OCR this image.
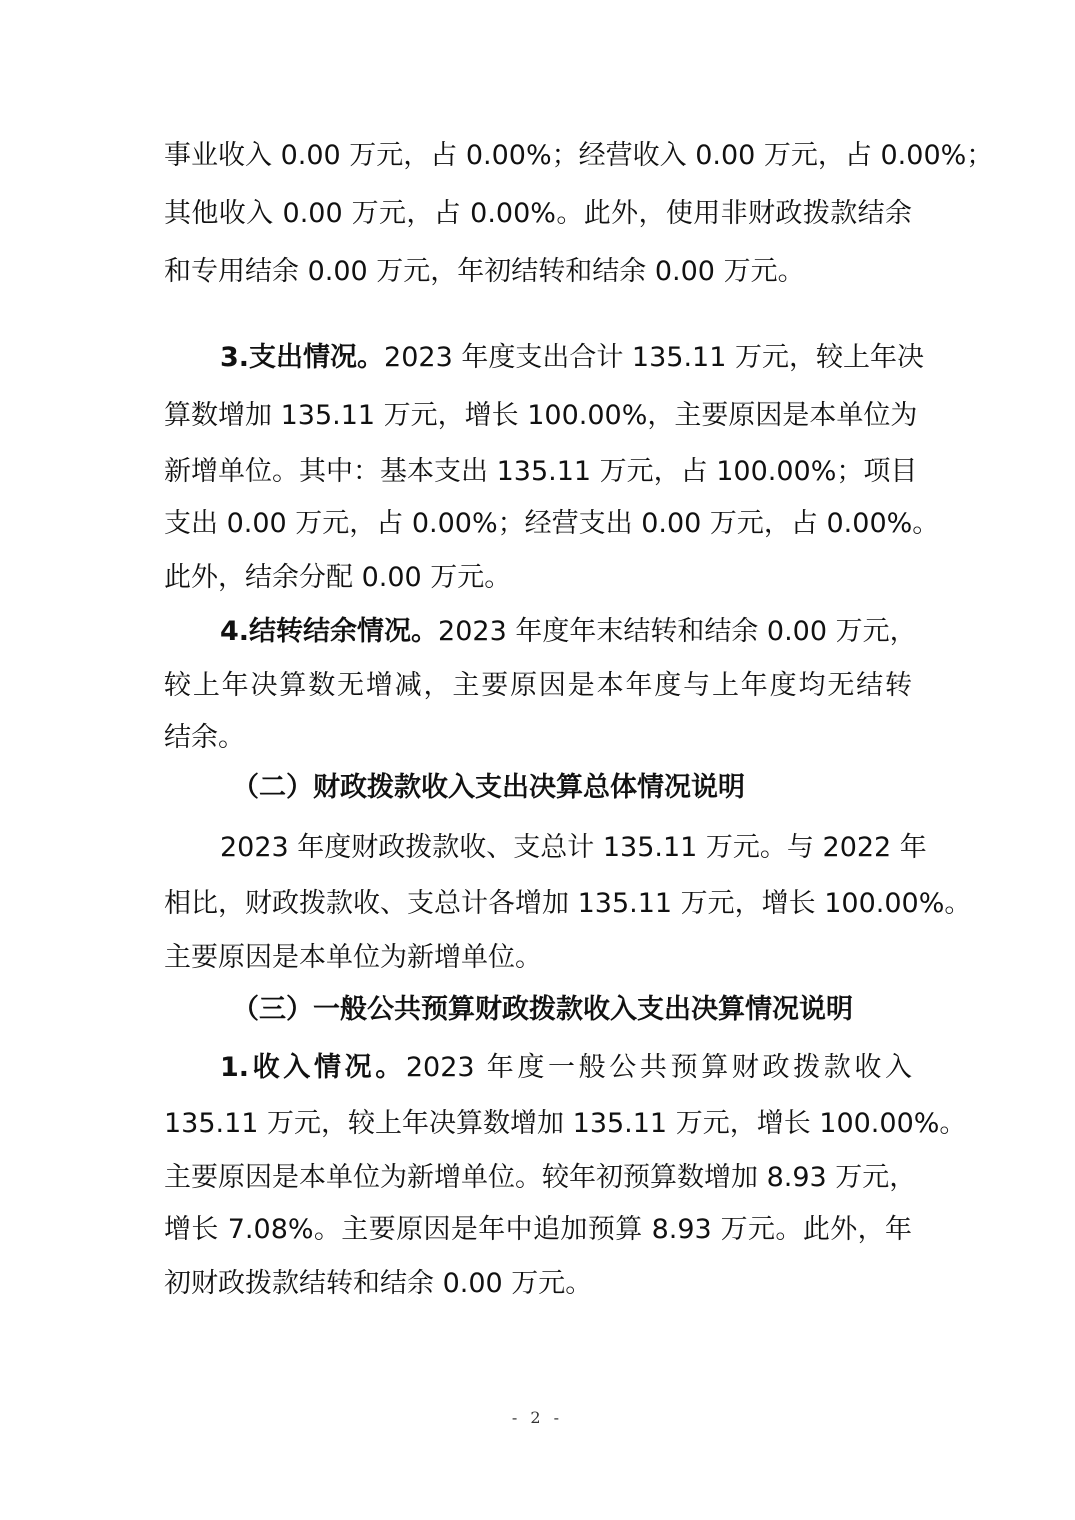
事业收入 0.00 万元，占 0.00%；经营收入 0.00 万元，占 0.00%；
其他收入 0.00 万元，占 0.00%。此外，使用非财政拨款结余
和专用结余 0.00 万元，年初结转和结余 0.00 万元。
3.支出情况。2023 年度支出合计 135.11 万元，较上年决
算数增加 135.11 万元，增长 100.00%，主要原因是本单位为
新增单位。其中：基本支出 135.11 万元，占 100.00%；项目
支出 0.00 万元，占 0.00%；经营支出 0.00 万元，占 0.00%。
此外，结余分配 0.00 万元。
4.结转结余情况。2023 年度年末结转和结余 0.00 万元，
较上年决算数无增减，主要原因是本年度与上年度均无结转
结余。
（二）财政拨款收入支出决算总体情况说明
2023 年度财政拨款收、支总计 135.11 万元。与 2022 年
相比，财政拨款收、支总计各增加 135.11 万元，增长 100.00%。
主要原因是本单位为新增单位。
（三）一般公共预算财政拨款收入支出决算情况说明
1.收入情况。2023 年度一般公共预算财政拨款收入
135.11 万元，较上年决算数增加 135.11 万元，增长 100.00%。
主要原因是本单位为新增单位。较年初预算数增加 8.93 万元，
增长 7.08%。主要原因是年中追加预算 8.93 万元。此外，年
初财政拨款结转和结余 0.00 万元。
- 2 -
